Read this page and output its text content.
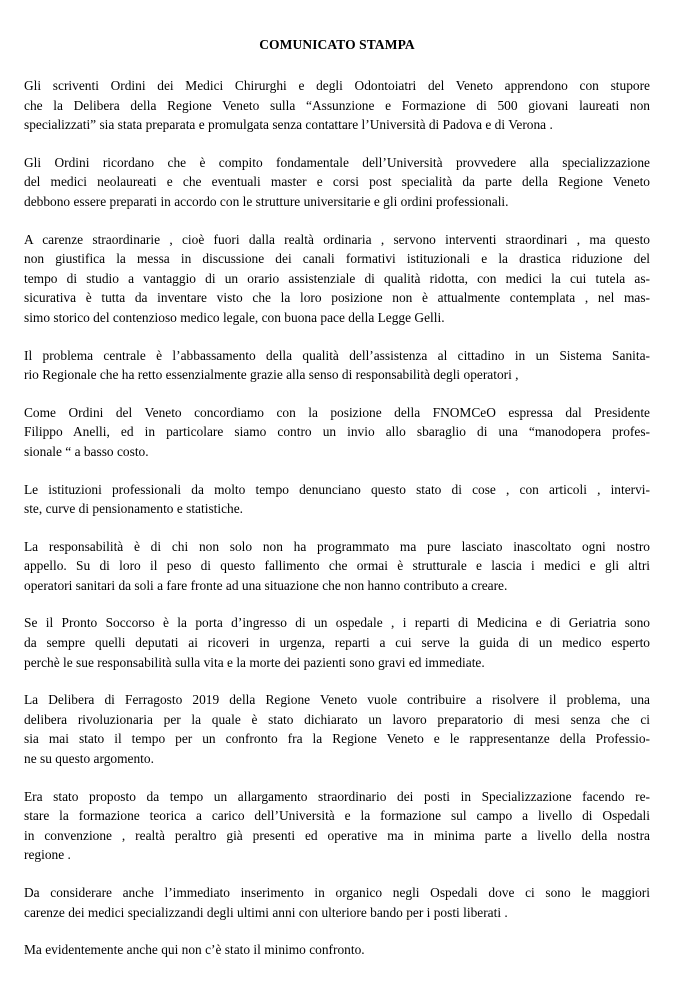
COMUNICATO STAMPA
Gli scriventi Ordini dei Medici Chirurghi e degli Odontoiatri del Veneto apprendono con stupore
che la Delibera della Regione Veneto sulla “Assunzione e Formazione di 500 giovani laureati non
specializzati” sia stata preparata e promulgata senza contattare l’Università di Padova e di Verona .
Gli Ordini ricordano che è compito fondamentale dell’Università provvedere alla specializzazione
del medici neolaureati e che eventuali master e corsi post specialità da parte della Regione Veneto
debbono essere preparati in accordo con le strutture universitarie e gli ordini professionali.
A carenze straordinarie , cioè fuori dalla realtà ordinaria , servono interventi straordinari , ma questo
non giustifica la messa in discussione dei canali formativi istituzionali e la drastica riduzione del
tempo di studio a vantaggio di un orario assistenziale di qualità ridotta, con medici la cui tutela as-
sicurativa è tutta da inventare visto che la loro posizione non è attualmente contemplata , nel mas-
simo storico del contenzioso medico legale, con buona pace della Legge Gelli.
Il problema centrale è l’abbassamento della qualità dell’assistenza al cittadino in un Sistema Sanita-
rio Regionale che ha retto essenzialmente grazie alla senso di responsabilità degli operatori ,
Come Ordini del Veneto concordiamo con la posizione della FNOMCeO espressa dal Presidente
Filippo Anelli, ed in particolare siamo contro un invio allo sbaraglio di una “manodopera profes-
sionale “ a basso costo.
Le istituzioni professionali da molto tempo denunciano questo stato di cose , con articoli , intervi-
ste, curve di pensionamento e statistiche.
La responsabilità è di chi non solo non ha programmato ma pure lasciato inascoltato ogni nostro
appello. Su di loro il peso di questo fallimento che ormai è strutturale e lascia i medici e gli altri
operatori sanitari da soli a fare fronte ad una situazione che non hanno contributo a creare.
Se il Pronto Soccorso è la porta d’ingresso di un ospedale , i reparti di Medicina e di Geriatria sono
da sempre quelli deputati ai ricoveri in urgenza, reparti a cui serve la guida di un medico esperto
perchè le sue responsabilità sulla vita e la morte dei pazienti sono gravi ed immediate.
La Delibera di Ferragosto 2019 della Regione Veneto vuole contribuire a risolvere il problema, una
delibera rivoluzionaria per la quale è stato dichiarato un lavoro preparatorio di mesi senza che ci
sia mai stato il tempo per un confronto fra la Regione Veneto e le rappresentanze della Professio-
ne su questo argomento.
Era stato proposto da tempo un allargamento straordinario dei posti in Specializzazione facendo re-
stare la formazione teorica a carico dell’Università e la formazione sul campo a livello di Ospedali
in convenzione , realtà peraltro già presenti ed operative ma in minima parte a livello della nostra
regione .
Da considerare anche l’immediato inserimento in organico negli Ospedali dove ci sono le maggiori
carenze dei medici specializzandi degli ultimi anni con ulteriore bando per i posti liberati .
Ma evidentemente anche qui non c’è stato il minimo confronto.
